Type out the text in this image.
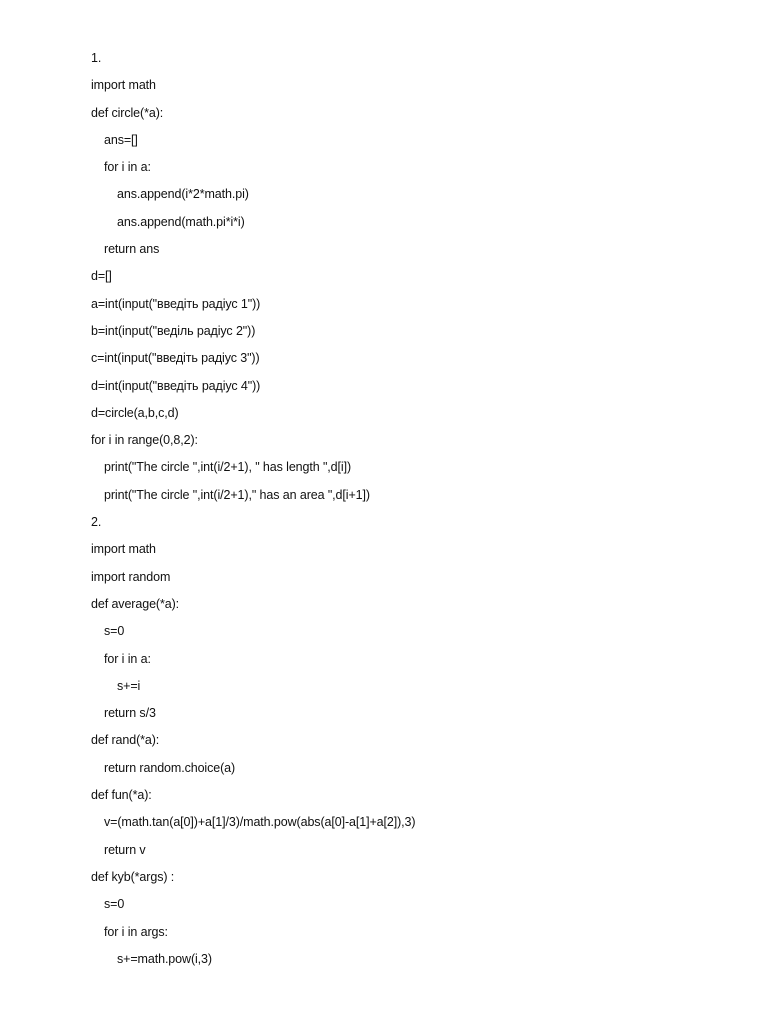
1.
import math
def circle(*a):
ans=[]
for i in a:
ans.append(i*2*math.pi)
ans.append(math.pi*i*i)
return ans
d=[]
a=int(input("введіть радіус 1"))
b=int(input("веділь радіус 2"))
c=int(input("введіть радіус 3"))
d=int(input("введіть радіус 4"))
d=circle(a,b,c,d)
for i in range(0,8,2):
print("The circle ",int(i/2+1), " has length ",d[i])
print("The circle ",int(i/2+1)," has an area ",d[i+1])
2.
import math
import random
def average(*a):
s=0
for i in a:
s+=i
return s/3
def rand(*a):
return random.choice(a)
def fun(*a):
v=(math.tan(a[0])+a[1]/3)/math.pow(abs(a[0]-a[1]+a[2]),3)
return v
def kyb(*args) :
s=0
for i in args:
s+=math.pow(i,3)
